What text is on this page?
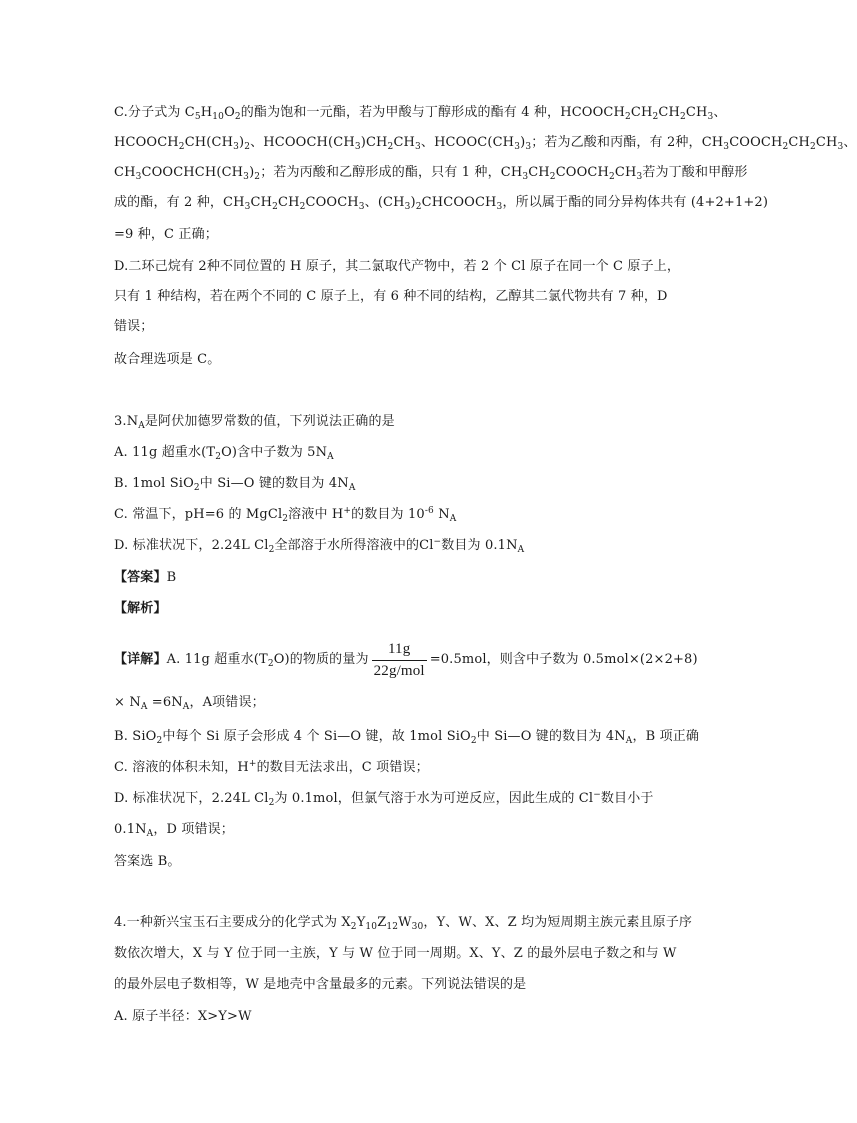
C.分子式为 $C_5H_{10}O_2$的酯为饱和一元酯，若为甲酸与丁醇形成的酯有 4 种，$HCOOCH_2CH_2CH_2CH_3$、
$HCOOCH_2CH(CH_3)_2$、$HCOOCH(CH_3)CH_2CH_3$、$HCOOC(CH_3)_3$；若为乙酸和丙酯，有 2种，$CH_3COOCH_2CH_2CH_3$、
$CH_3COOCHCH(CH_3)_2$；若为丙酸和乙醇形成的酯，只有 1 种，$CH_3CH_2COOCH_2CH_3$若为丁酸和甲醇形
成的酯，有 2 种，$CH_3CH_2CH_2COOCH_3$、$(CH_3)_2CHCOOCH_3$，所以属于酯的同分异构体共有 (4+2+1+2)
=9 种，C 正确；
D.二环己烷有 2种不同位置的 H 原子，其二氯取代产物中，若 2 个 Cl 原子在同一个 C 原子上，
只有 1 种结构，若在两个不同的 C 原子上，有 6 种不同的结构，乙醇其二氯代物共有 7 种，D
错误；
故合理选项是 C。
$3.N_A$是阿伏加德罗常数的值，下列说法正确的是
A. 11g 超重水$(T_2O)$含中子数为 $5N_A$
B. 1mol SiO$_2$中 Si—O 键的数目为 $4N_A$
C. 常温下，pH=6 的 MgCl$_2$溶液中 H+的数目为 $10^{-6}$ $N_A$
D. 标准状况下，2.24L $Cl_2$全部溶于水所得溶液中的Cl−数目为 $0.1N_A$
【答案】B
【解析】
【详解】A. 11g 超重水$(T_2O)$的物质的量为 $\frac{11g}{\text{22g/mol}} =0.5mol$，则含中子数为 0.5mol×(2×2+8)
× $N_A =6N_A$，A项错误；
B. SiO$_2$中每个 Si 原子会形成 4 个 Si—O 键，故 1mol SiO$_2$中 Si—O 键的数目为 $4N_A$，B 项正确
C. 溶液的体积未知，H+的数目无法求出，C 项错误；
D. 标准状况下，2.24L $Cl_2$为 0.1mol，但氯气溶于水为可逆反应，因此生成的 Cl−数目小于
$0.1N_A$，D 项错误；
答案选 B。
4.一种新兴宝玉石主要成分的化学式为 $X_2Y_{10}Z_{12}W_{30}$，Y、W、X、Z 均为短周期主族元素且原子序
数依次增大，X 与 Y 位于同一主族，Y 与 W 位于同一周期。X、Y、Z 的最外层电子数之和与 W
的最外层电子数相等，W 是地壳中含量最多的元素。下列说法错误的是
A. 原子半径：X>Y>W
